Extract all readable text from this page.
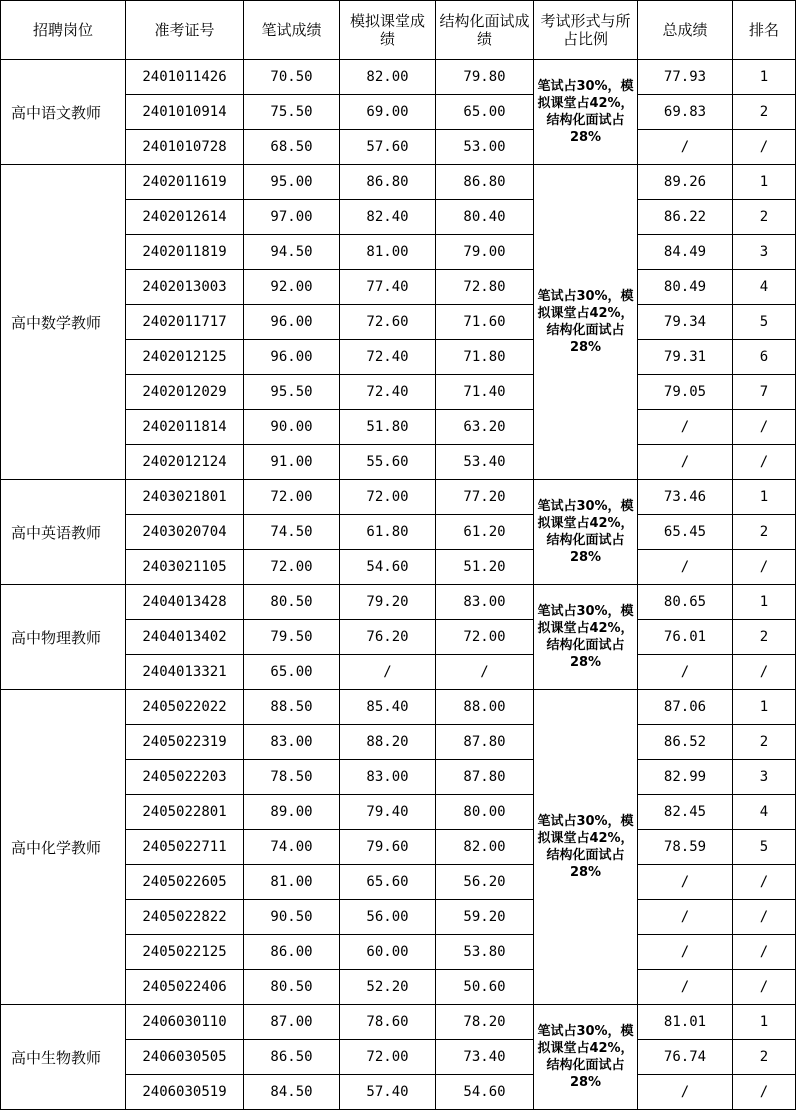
招聘岗位	准考证号	笔试成绩	模拟课堂成绩	结构化面试成绩	考试形式与所占比例	总成绩	排名
高中语文教师	2401011426	70.50	82.00	79.80	笔试占30%，模拟课堂占42%，结构化面试占28%	77.93	1
	2401010914	75.50	69.00	65.00		69.83	2
	2401010728	68.50	57.60	53.00		/	/
高中数学教师	2402011619	95.00	86.80	86.80	笔试占30%，模拟课堂占42%，结构化面试占28%	89.26	1
	2402012614	97.00	82.40	80.40		86.22	2
	2402011819	94.50	81.00	79.00		84.49	3
	2402013003	92.00	77.40	72.80		80.49	4
	2402011717	96.00	72.60	71.60		79.34	5
	2402012125	96.00	72.40	71.80		79.31	6
	2402012029	95.50	72.40	71.40		79.05	7
	2402011814	90.00	51.80	63.20		/	/
	2402012124	91.00	55.60	53.40		/	/
高中英语教师	2403021801	72.00	72.00	77.20	笔试占30%，模拟课堂占42%，结构化面试占28%	73.46	1
	2403020704	74.50	61.80	61.20		65.45	2
	2403021105	72.00	54.60	51.20		/	/
高中物理教师	2404013428	80.50	79.20	83.00	笔试占30%，模拟课堂占42%，结构化面试占28%	80.65	1
	2404013402	79.50	76.20	72.00		76.01	2
	2404013321	65.00	/	/		/	/
高中化学教师	2405022022	88.50	85.40	88.00	笔试占30%，模拟课堂占42%，结构化面试占28%	87.06	1
	2405022319	83.00	88.20	87.80		86.52	2
	2405022203	78.50	83.00	87.80		82.99	3
	2405022801	89.00	79.40	80.00		82.45	4
	2405022711	74.00	79.60	82.00		78.59	5
	2405022605	81.00	65.60	56.20		/	/
	2405022822	90.50	56.00	59.20		/	/
	2405022125	86.00	60.00	53.80		/	/
	2405022406	80.50	52.20	50.60		/	/
高中生物教师	2406030110	87.00	78.60	78.20	笔试占30%，模拟课堂占42%，结构化面试占28%	81.01	1
	2406030505	86.50	72.00	73.40		76.74	2
	2406030519	84.50	57.40	54.60		/	/
